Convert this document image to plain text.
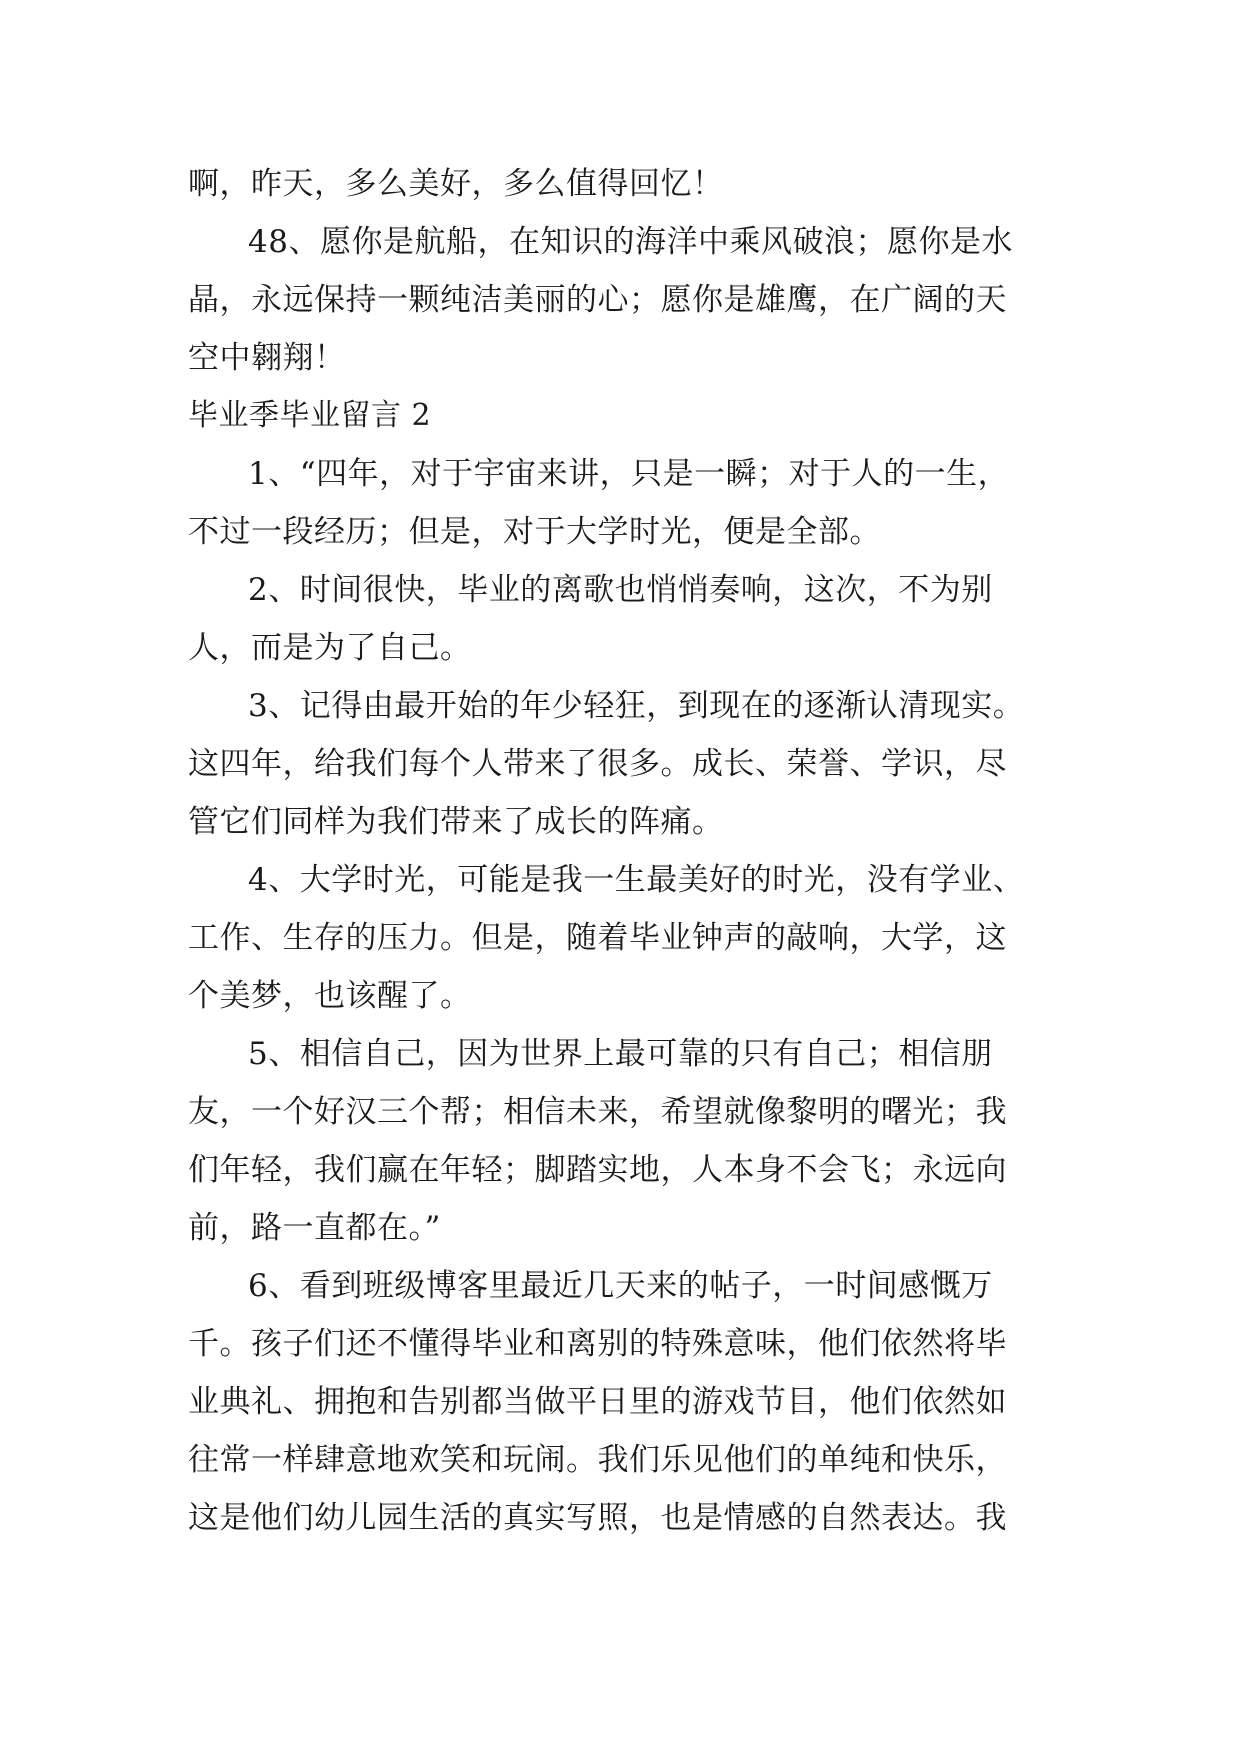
啊，昨天，多么美好，多么值得回忆！
48、愿你是航船，在知识的海洋中乘风破浪；愿你是水
晶，永远保持一颗纯洁美丽的心；愿你是雄鹰，在广阔的天
空中翱翔！
毕业季毕业留言 2
1、“四年，对于宇宙来讲，只是一瞬；对于人的一生，
不过一段经历；但是，对于大学时光，便是全部。
2、时间很快，毕业的离歌也悄悄奏响，这次，不为别
人，而是为了自己。
3、记得由最开始的年少轻狂，到现在的逐渐认清现实。
这四年，给我们每个人带来了很多。成长、荣誉、学识，尽
管它们同样为我们带来了成长的阵痛。
4、大学时光，可能是我一生最美好的时光，没有学业、
工作、生存的压力。但是，随着毕业钟声的敲响，大学，这
个美梦，也该醒了。
5、相信自己，因为世界上最可靠的只有自己；相信朋
友，一个好汉三个帮；相信未来，希望就像黎明的曙光；我
们年轻，我们赢在年轻；脚踏实地，人本身不会飞；永远向
前，路一直都在。”
6、看到班级博客里最近几天来的帖子，一时间感慨万
千。孩子们还不懂得毕业和离别的特殊意味，他们依然将毕
业典礼、拥抱和告别都当做平日里的游戏节目，他们依然如
往常一样肆意地欢笑和玩闹。我们乐见他们的单纯和快乐，
这是他们幼儿园生活的真实写照，也是情感的自然表达。我
